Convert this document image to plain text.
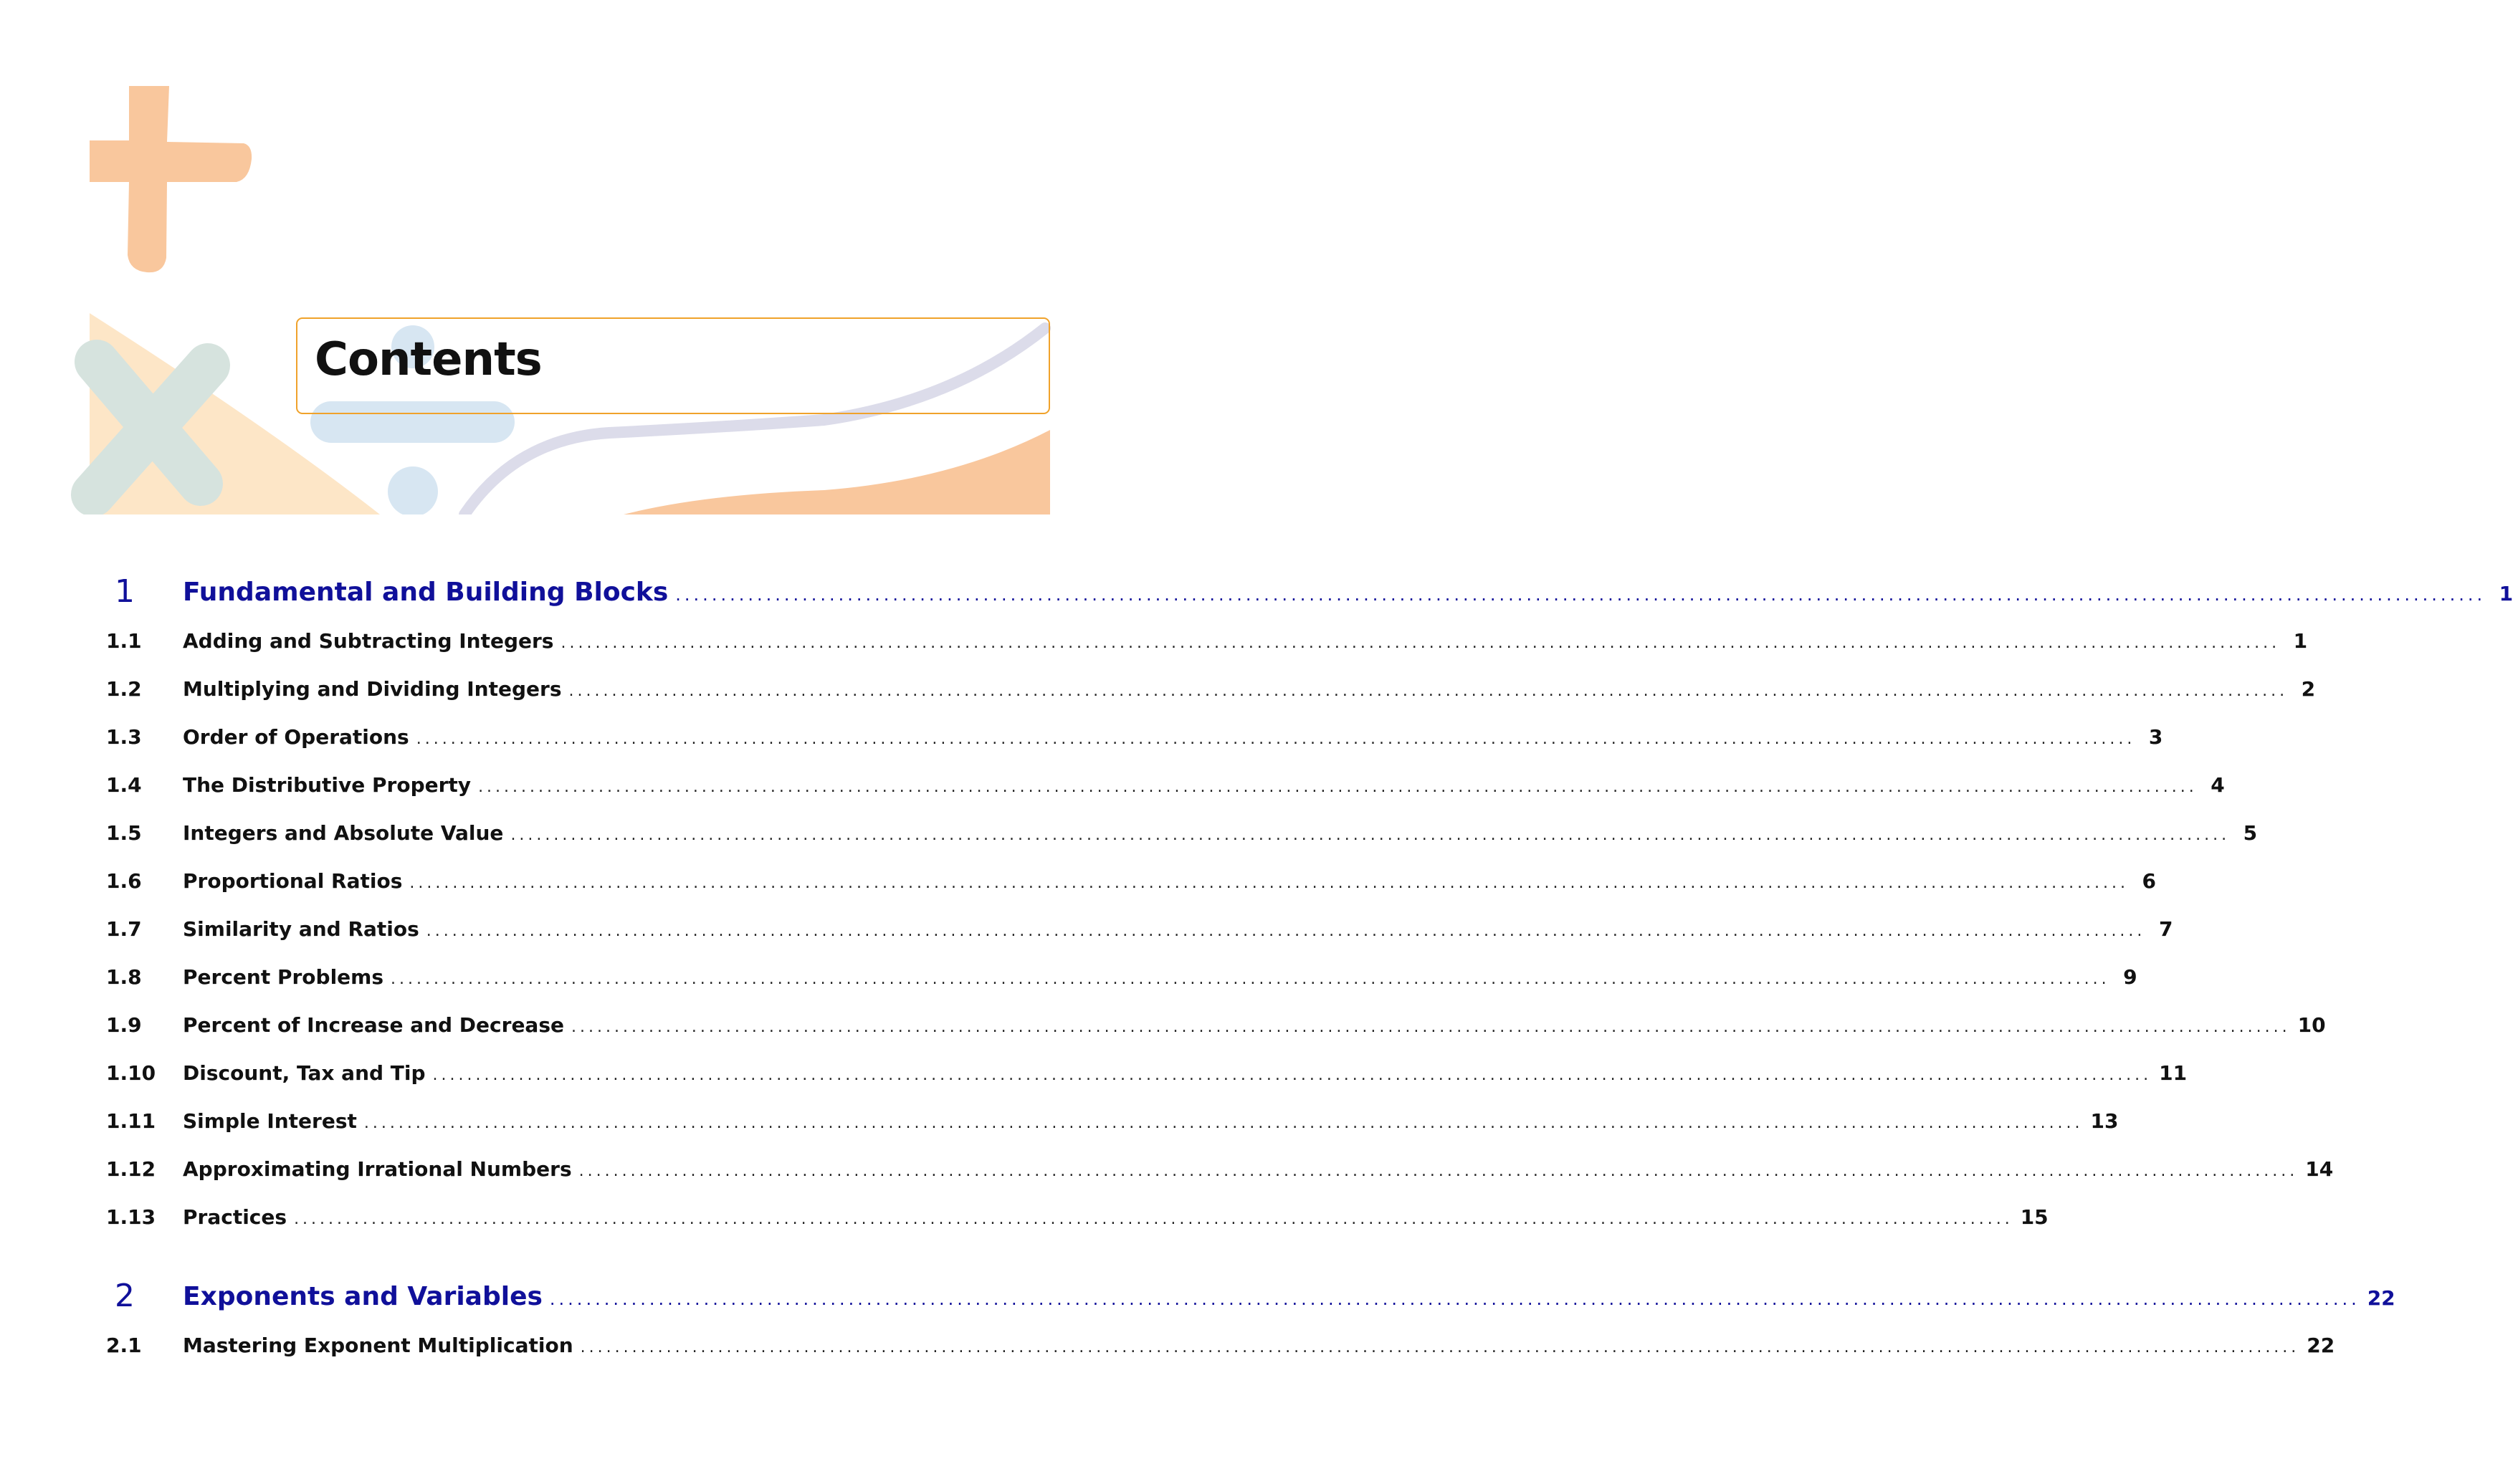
Contents
1 Fundamental and Building Blocks ........................................................................................................................................................................................................ 1
1.1 Adding and Subtracting Integers ........................................................................................................................................................................................................ 1
1.2 Multiplying and Dividing Integers ........................................................................................................................................................................................................ 2
1.3 Order of Operations ........................................................................................................................................................................................................ 3
1.4 The Distributive Property ........................................................................................................................................................................................................ 4
1.5 Integers and Absolute Value ........................................................................................................................................................................................................ 5
1.6 Proportional Ratios ........................................................................................................................................................................................................ 6
1.7 Similarity and Ratios ........................................................................................................................................................................................................ 7
1.8 Percent Problems ........................................................................................................................................................................................................ 9
1.9 Percent of Increase and Decrease ........................................................................................................................................................................................................ 10
1.10 Discount, Tax and Tip ........................................................................................................................................................................................................ 11
1.11 Simple Interest ........................................................................................................................................................................................................ 13
1.12 Approximating Irrational Numbers ........................................................................................................................................................................................................ 14
1.13 Practices ........................................................................................................................................................................................................ 15
2 Exponents and Variables ........................................................................................................................................................................................................ 22
2.1 Mastering Exponent Multiplication ........................................................................................................................................................................................................ 22
